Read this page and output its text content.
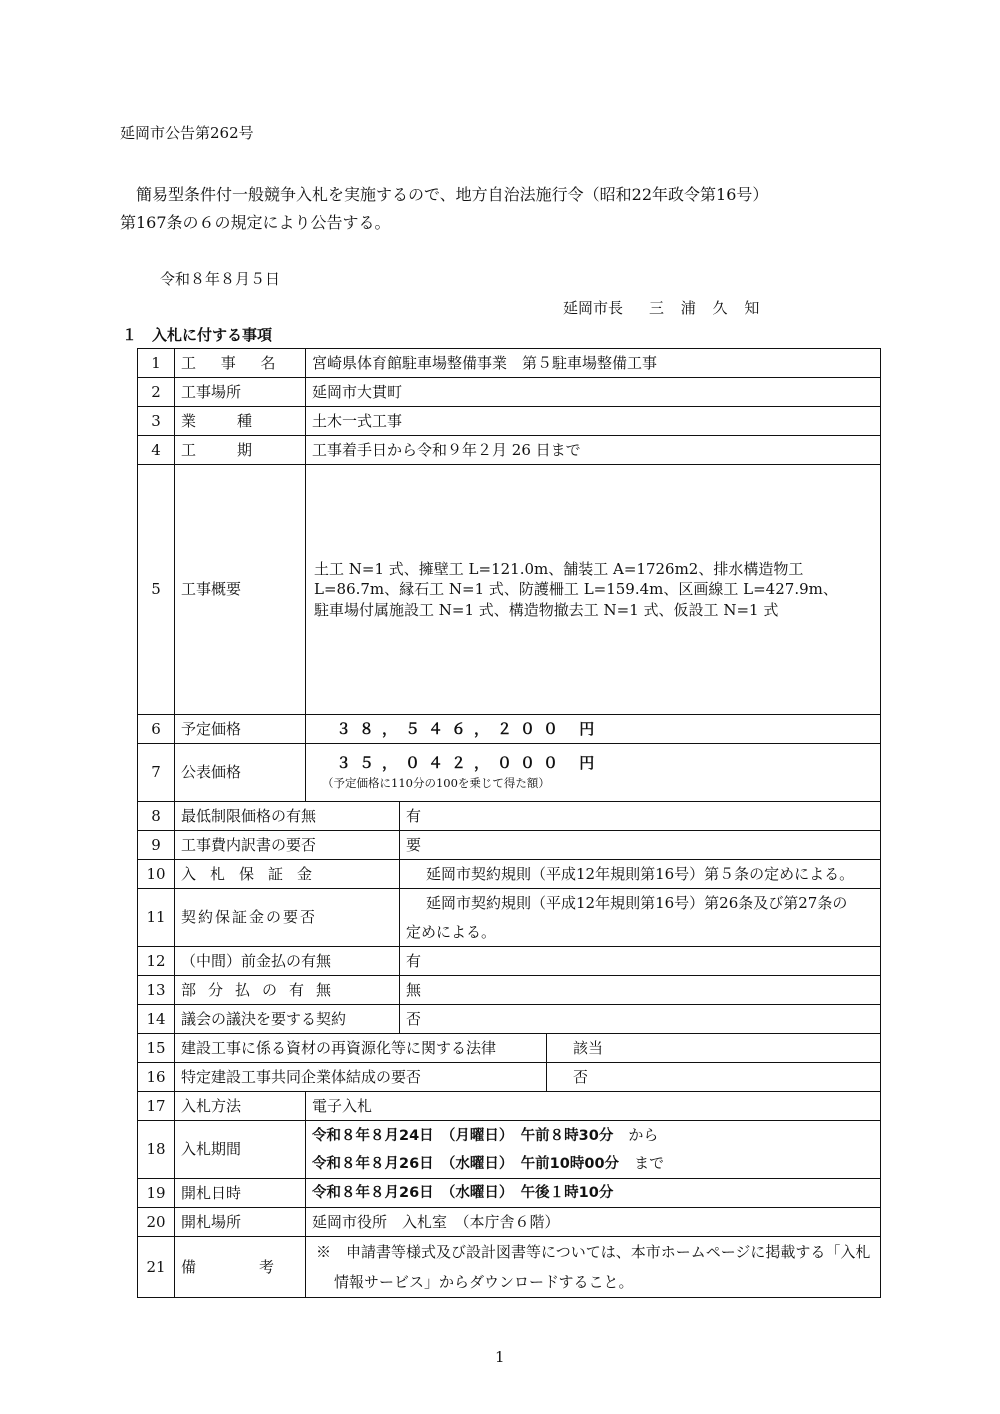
延岡市公告第262号
簡易型条件付一般競争入札を実施するので、地方自治法施行令（昭和22年政令第16号）
第167条の６の規定により公告する。
令和８年８月５日
延岡市長 三 浦 久 知
１　入札に付する事項
1	工 事 名	宮崎県体育館駐車場整備事業　第５駐車場整備工事		
2	工事場所	延岡市大貫町		
3	業　種	土木一式工事		
4	工　期	工事着手日から令和９年２月 26 日まで		
5	工事概要	土工 N=1 式、擁壁工 L=121.0m、舗装工 A=1726m2、排水構造物工
L=86.7m、縁石工 N=1 式、防護柵工 L=159.4m、区画線工 L=427.9m、
駐車場付属施設工 N=1 式、構造物撤去工 N=1 式、仮設工 N=1 式		

6	予定価格	３８，５４６，２００ 円		
7	公表価格	３５，０４２，０００ 円
（予定価格に110分の100を乗じて得た額）		

8	最低制限価格の有無		有	
9	工事費内訳書の要否		要	
10	入札保証金		延岡市契約規則（平成12年規則第16号）第５条の定めによる。	
11	契約保証金の要否		延岡市契約規則（平成12年規則第16号）第26条及び第27条の
定めによる。	

12	（中間）前金払の有無		有	
13	部分払の有無		無	
14	議会の議決を要する契約		否	
15	建設工事に係る資材の再資源化等に関する法律			該当
16	特定建設工事共同企業体結成の要否			否
17	入札方法	電子入札		
18	入札期間	令和８年８月24日　（月曜日）　午前８時30分　 から
令和８年８月26日　（水曜日）　午前10時00分　 まで		

19	開札日時	令和８年８月26日　（水曜日）　午後１時10分		
20	開札場所	延岡市役所　入札室　（本庁舎６階）		
21	備　考	※　申請書等様式及び設計図書等については、本市ホームページに掲載する「入札
情報サービス」からダウンロードすること。		
1
